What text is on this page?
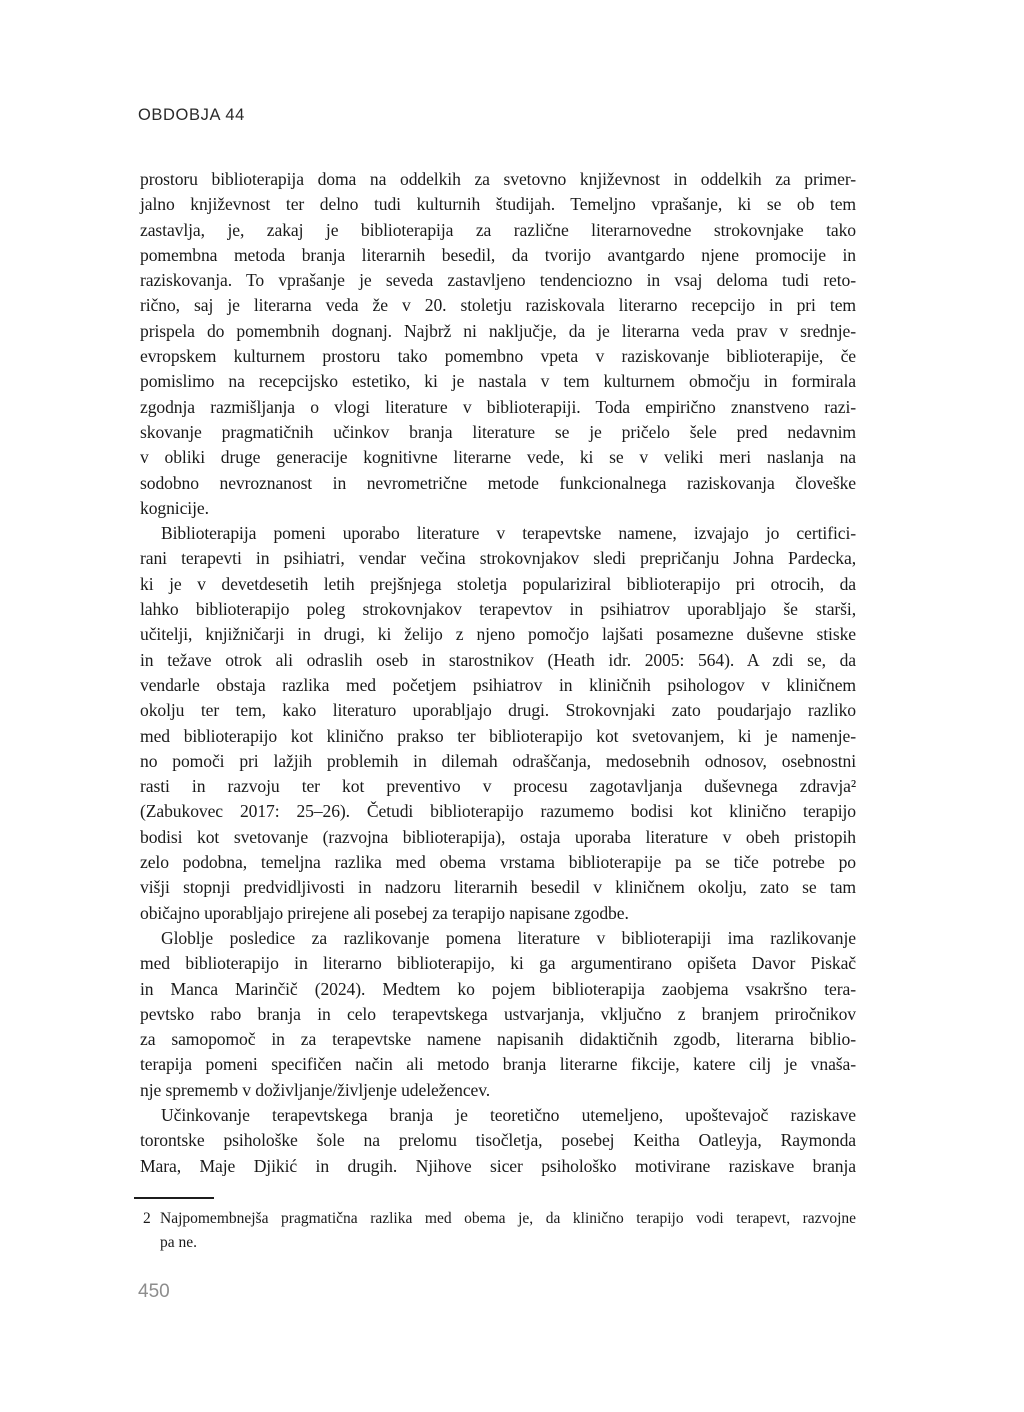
OBDOBJA 44
prostoru biblioterapija doma na oddelkih za svetovno književnost in oddelkih za primer-
jalno književnost ter delno tudi kulturnih študijah. Temeljno vprašanje, ki se ob tem
zastavlja, je, zakaj je biblioterapija za različne literarnovedne strokovnjake tako
pomembna metoda branja literarnih besedil, da tvorijo avantgardo njene promocije in
raziskovanja. To vprašanje je seveda zastavljeno tendenciozno in vsaj deloma tudi reto-
rično, saj je literarna veda že v 20. stoletju raziskovala literarno recepcijo in pri tem
prispela do pomembnih dognanj. Najbrž ni naključje, da je literarna veda prav v srednje-
evropskem kulturnem prostoru tako pomembno vpeta v raziskovanje biblioterapije, če
pomislimo na recepcijsko estetiko, ki je nastala v tem kulturnem območju in formirala
zgodnja razmišljanja o vlogi literature v biblioterapiji. Toda empirično znanstveno razi-
skovanje pragmatičnih učinkov branja literature se je pričelo šele pred nedavnim
v obliki druge generacije kognitivne literarne vede, ki se v veliki meri naslanja na
sodobno nevroznanost in nevrometrične metode funkcionalnega raziskovanja človeške
kognicije.
Biblioterapija pomeni uporabo literature v terapevtske namene, izvajajo jo certifici-
rani terapevti in psihiatri, vendar večina strokovnjakov sledi prepričanju Johna Pardecka,
ki je v devetdesetih letih prejšnjega stoletja populariziral biblioterapijo pri otrocih, da
lahko biblioterapijo poleg strokovnjakov terapevtov in psihiatrov uporabljajo še starši,
učitelji, knjižničarji in drugi, ki želijo z njeno pomočjo lajšati posamezne duševne stiske
in težave otrok ali odraslih oseb in starostnikov (Heath idr. 2005: 564). A zdi se, da
vendarle obstaja razlika med početjem psihiatrov in kliničnih psihologov v kliničnem
okolju ter tem, kako literaturo uporabljajo drugi. Strokovnjaki zato poudarjajo razliko
med biblioterapijo kot klinično prakso ter biblioterapijo kot svetovanjem, ki je namenje-
no pomoči pri lažjih problemih in dilemah odraščanja, medosebnih odnosov, osebnostni
rasti in razvoju ter kot preventivo v procesu zagotavljanja duševnega zdravja²
(Zabukovec 2017: 25–26). Četudi biblioterapijo razumemo bodisi kot klinično terapijo
bodisi kot svetovanje (razvojna biblioterapija), ostaja uporaba literature v obeh pristopih
zelo podobna, temeljna razlika med obema vrstama biblioterapije pa se tiče potrebe po
višji stopnji predvidljivosti in nadzoru literarnih besedil v kliničnem okolju, zato se tam
običajno uporabljajo prirejene ali posebej za terapijo napisane zgodbe.
Globlje posledice za razlikovanje pomena literature v biblioterapiji ima razlikovanje
med biblioterapijo in literarno biblioterapijo, ki ga argumentirano opišeta Davor Piskač
in Manca Marinčič (2024). Medtem ko pojem biblioterapija zaobjema vsakršno tera-
pevtsko rabo branja in celo terapevtskega ustvarjanja, vključno z branjem priročnikov
za samopomoč in za terapevtske namene napisanih didaktičnih zgodb, literarna biblio-
terapija pomeni specifičen način ali metodo branja literarne fikcije, katere cilj je vnaša-
nje sprememb v doživljanje/življenje udeležencev.
Učinkovanje terapevtskega branja je teoretično utemeljeno, upoštevajoč raziskave
torontske psihološke šole na prelomu tisočletja, posebej Keitha Oatleyja, Raymonda
Mara, Maje Djikić in drugih. Njihove sicer psihološko motivirane raziskave branja
2 Najpomembnejša pragmatična razlika med obema je, da klinično terapijo vodi terapevt, razvojne
pa ne.
450
